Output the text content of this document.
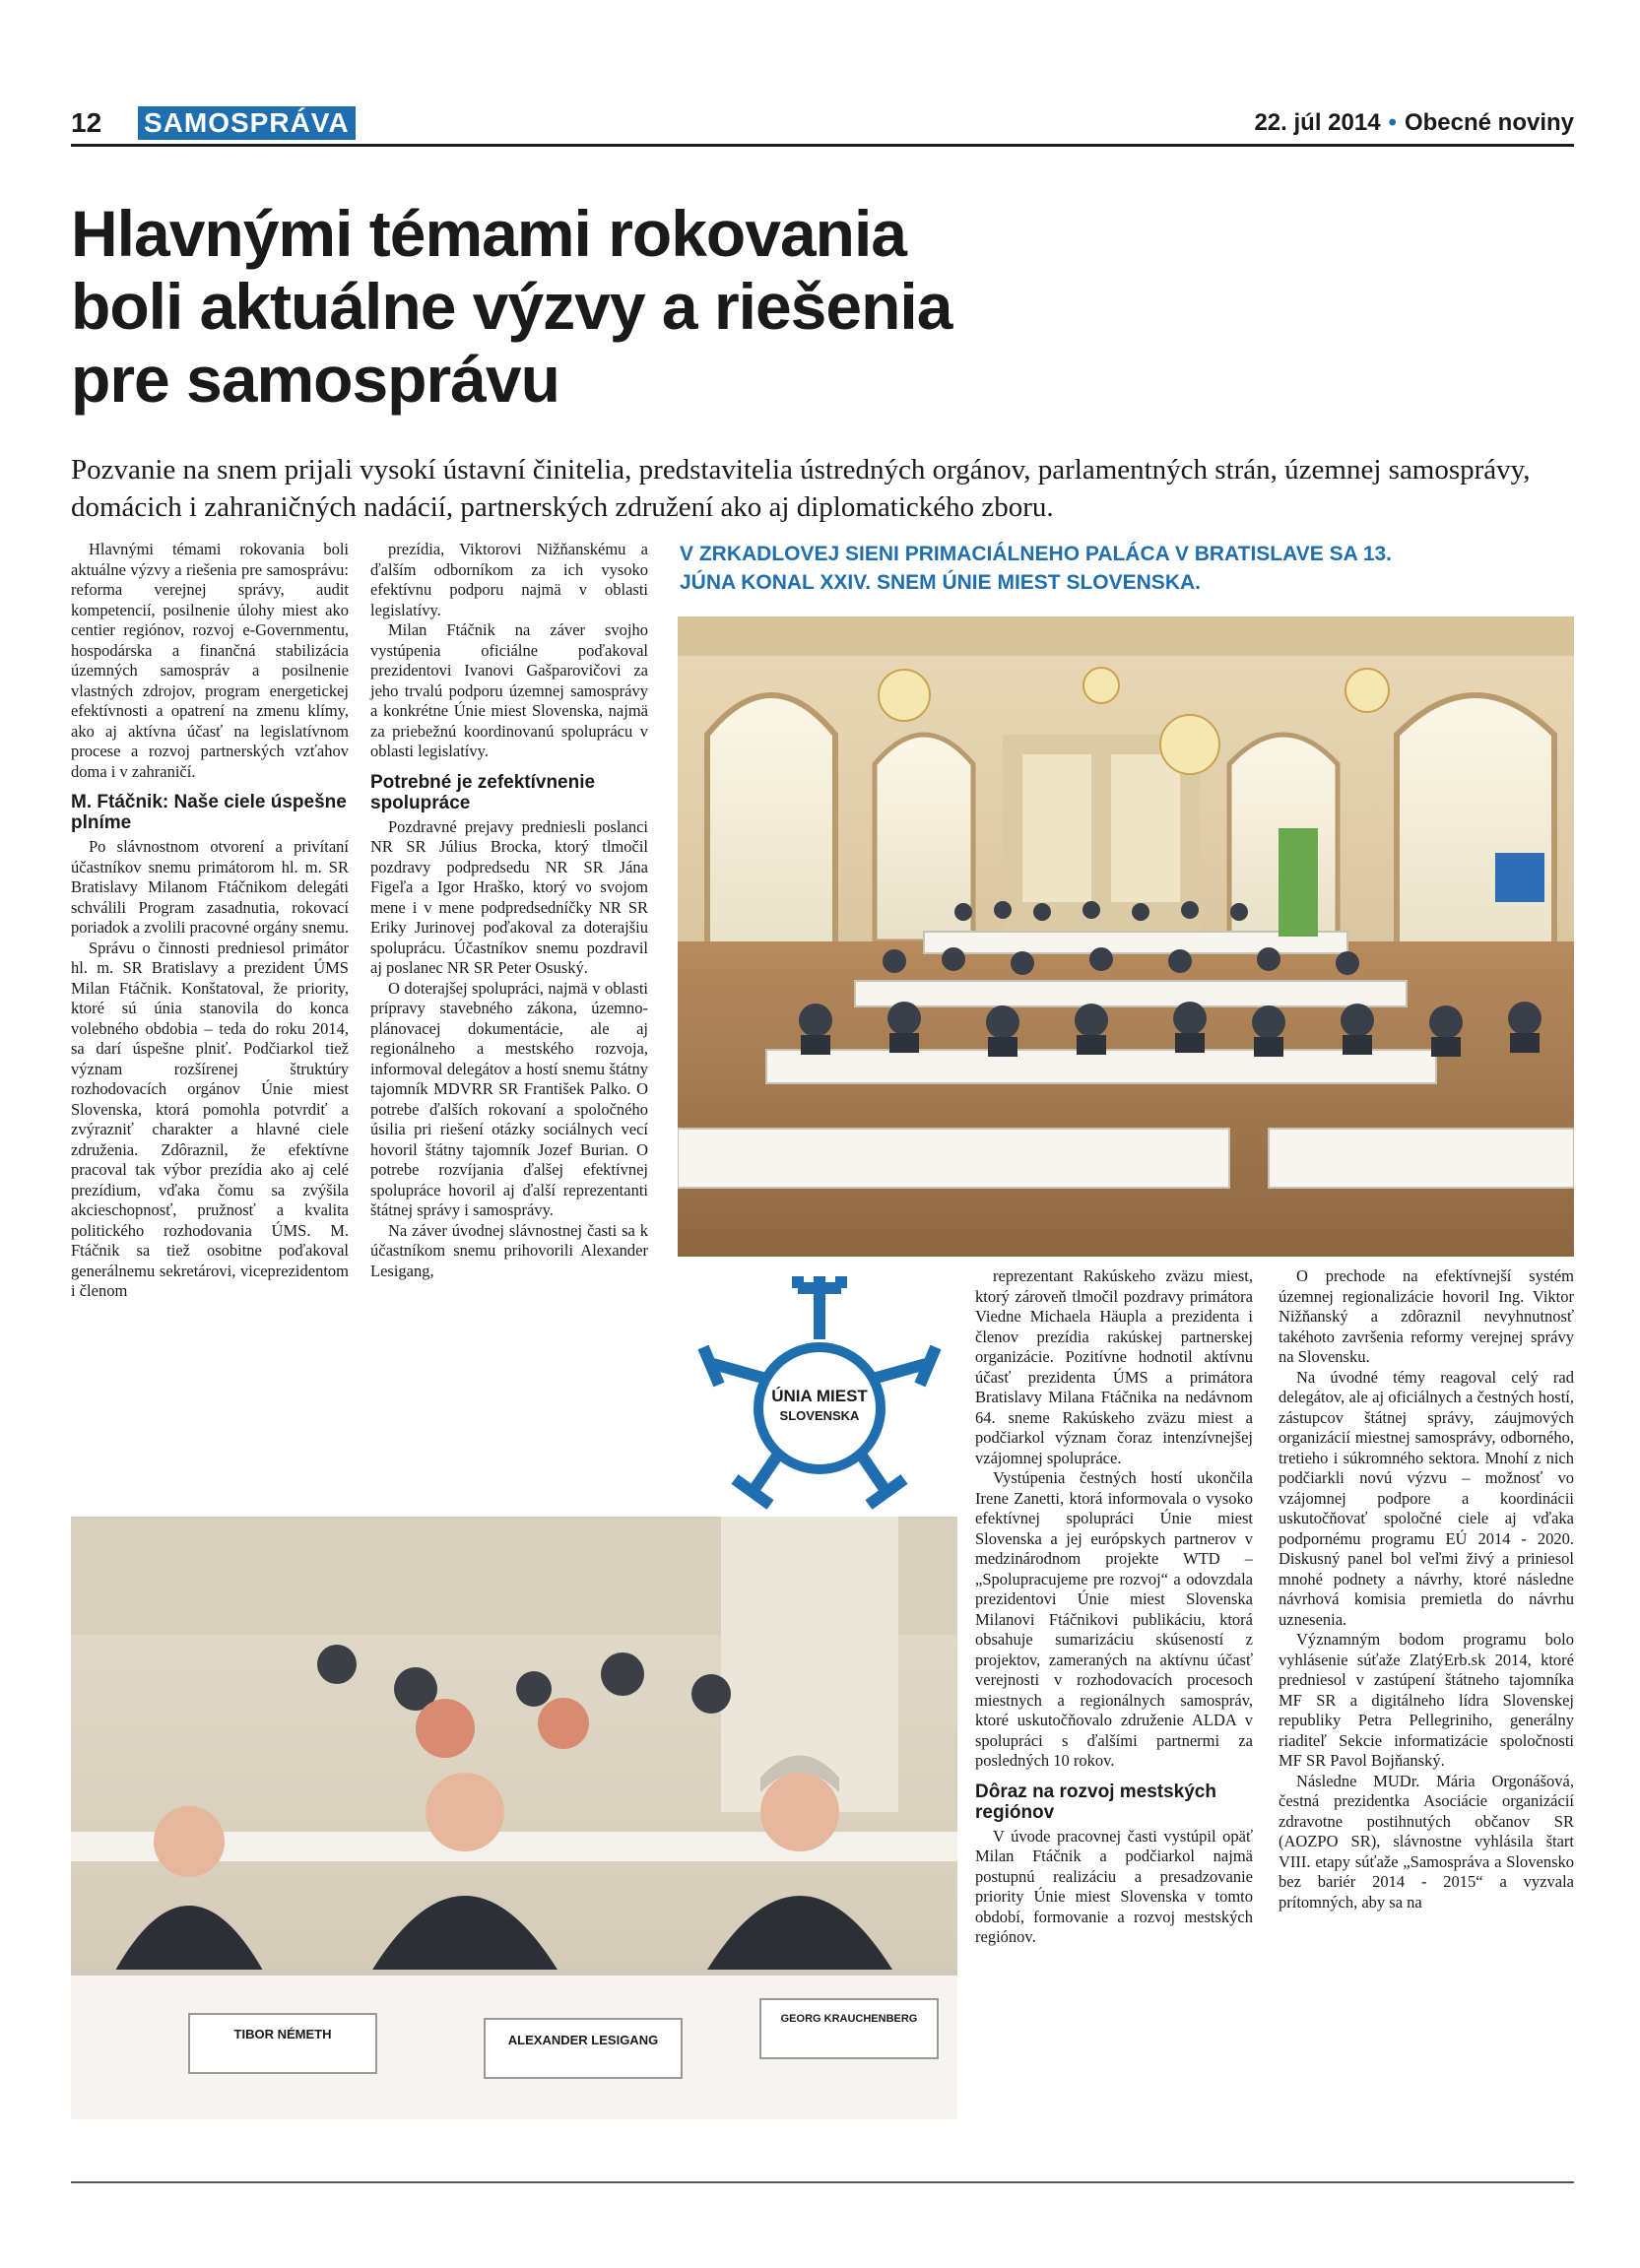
12 SAMOSPRÁVA	22. júl 2014 • Obecné noviny
Hlavnými témami rokovania
boli aktuálne výzvy a riešenia
pre samosprávu
Pozvanie na snem prijali vysokí ústavní činitelia, predstavitelia ústredných orgánov, parlamentných strán, územnej samosprávy, domácich i zahraničných nadácií, partnerských združení ako aj diplomatického zboru.

Hlavnými témami rokovania boli aktuálne výzvy a riešenia pre samosprávu: reforma verejnej správy, audit kompetencií, posilnenie úlohy miest ako centier regiónov, rozvoj e-Governmentu, hospodárska a finančná stabilizácia územných samospráv a posilnenie vlastných zdrojov, program energetickej efektívnosti a opatrení na zmenu klímy, ako aj aktívna účasť na legislatívnom procese a rozvoj partnerských vzťahov doma i v zahraničí.

M. Ftáčnik: Naše ciele úspešne plníme

Po slávnostnom otvorení a privítaní účastníkov snemu primátorom hl. m. SR Bratislavy Milanom Ftáčnikom delegáti schválili Program zasadnutia, rokovací poriadok a zvolili pracovné orgány snemu.

Správu o činnosti predniesol primátor hl. m. SR Bratislavy a prezident ÚMS Milan Ftáčnik. Konštatoval, že priority, ktoré sú únia stanovila do konca volebného obdobia – teda do roku 2014, sa darí úspešne plniť. Podčiarkol tiež význam rozšírenej štruktúry rozhodovacích orgánov Únie miest Slovenska, ktorá pomohla potvrdiť a zvýrazniť charakter a hlavné ciele združenia. Zdôraznil, že efektívne pracoval tak výbor prezídia ako aj celé prezídium, vďaka čomu sa zvýšila akcieschopnosť, pružnosť a kvalita politického rozhodovania ÚMS. M. Ftáčnik sa tiež osobitne poďakoval generálnemu sekretárovi, viceprezidentom i členom

prezídia, Viktorovi Nižňanskému a ďalším odborníkom za ich vysoko efektívnu podporu najmä v oblasti legislatívy.

Milan Ftáčnik na záver svojho vystúpenia oficiálne poďakoval prezidentovi Ivanovi Gašparovičovi za jeho trvalú podporu územnej samosprávy a konkrétne Únie miest Slovenska, najmä za priebežnú koordinovanú spoluprácu v oblasti legislatívy.

Potrebné je zefektívnenie spolupráce

Pozdravné prejavy predniesli poslanci NR SR Július Brocka, ktorý tlmočil pozdravy podpredsedu NR SR Jána Figeľa a Igor Hraško, ktorý vo svojom mene i v mene podpredsedníčky NR SR Eriky Jurinovej poďakoval za doterajšiu spoluprácu. Účastníkov snemu pozdravil aj poslanec NR SR Peter Osuský.

O doterajšej spolupráci, najmä v oblasti prípravy stavebného zákona, územno-plánovacej dokumentácie, ale aj regionálneho a mestského rozvoja, informoval delegátov a hostí snemu štátny tajomník MDVRR SR František Palko. O potrebe ďalších rokovaní a spoločného úsilia pri riešení otázky sociálnych vecí hovoril štátny tajomník Jozef Burian. O potrebe rozvíjania ďalšej efektívnej spolupráce hovoril aj ďalší reprezentanti štátnej správy i samosprávy.

Na záver úvodnej slávnostnej časti sa k účastníkom snemu prihovorili Alexander Lesigang,

V ZRKADLOVEJ SIENI PRIMACIÁLNEHO PALÁCA V BRATISLAVE SA 13. JÚNA KONAL XXIV. SNEM ÚNIE MIEST SLOVENSKA.
ÚNIA MIEST
SLOVENSKA

reprezentant Rakúskeho zväzu miest, ktorý zároveň tlmočil pozdravy primátora Viedne Michaela Häupla a prezidenta i členov prezídia rakúskej partnerskej organizácie. Pozitívne hodnotil aktívnu účasť prezidenta ÚMS a primátora Bratislavy Milana Ftáčnika na nedávnom 64. sneme Rakúskeho zväzu miest a podčiarkol význam čoraz intenzívnejšej vzájomnej spolupráce.

Vystúpenia čestných hostí ukončila Irene Zanetti, ktorá informovala o vysoko efektívnej spolupráci Únie miest Slovenska a jej európskych partnerov v medzinárodnom projekte WTD – „Spolupracujeme pre rozvoj“ a odovzdala prezidentovi Únie miest Slovenska Milanovi Ftáčnikovi publikáciu, ktorá obsahuje sumarizáciu skúseností z projektov, zameraných na aktívnu účasť verejnosti v rozhodovacích procesoch miestnych a regionálnych samospráv, ktoré uskutočňovalo združenie ALDA v spolupráci s ďalšími partnermi za posledných 10 rokov.

Dôraz na rozvoj mestských regiónov

V úvode pracovnej časti vystúpil opäť Milan Ftáčnik a podčiarkol najmä postupnú realizáciu a presadzovanie priority Únie miest Slovenska v tomto období, formovanie a rozvoj mestských regiónov.

O prechode na efektívnejší systém územnej regionalizácie hovoril Ing. Viktor Nižňanský a zdôraznil nevyhnutnosť takéhoto završenia reformy verejnej správy na Slovensku.

Na úvodné témy reagoval celý rad delegátov, ale aj oficiálnych a čestných hostí, zástupcov štátnej správy, záujmových organizácií miestnej samosprávy, odborného, tretieho i súkromného sektora. Mnohí z nich podčiarkli novú výzvu – možnosť vo vzájomnej podpore a koordinácii uskutočňovať spoločné ciele aj vďaka podpornému programu EÚ 2014 - 2020. Diskusný panel bol veľmi živý a priniesol mnohé podnety a návrhy, ktoré následne návrhová komisia premietla do návrhu uznesenia.

Významným bodom programu bolo vyhlásenie súťaže ZlatýErb.sk 2014, ktoré predniesol v zastúpení štátneho tajomníka MF SR a digitálneho lídra Slovenskej republiky Petra Pellegriniho, generálny riaditeľ Sekcie informatizácie spoločnosti MF SR Pavol Bojňanský.

Následne MUDr. Mária Orgonášová, čestná prezidentka Asociácie organizácií zdravotne postihnutých občanov SR (AOZPO SR), slávnostne vyhlásila štart VIII. etapy súťaže „Samospráva a Slovensko bez bariér 2014 - 2015“ a vyzvala prítomných, aby sa na

TIBOR NÉMETH	ALEXANDER LESIGANG
GEORG KRAUCHENBERG
